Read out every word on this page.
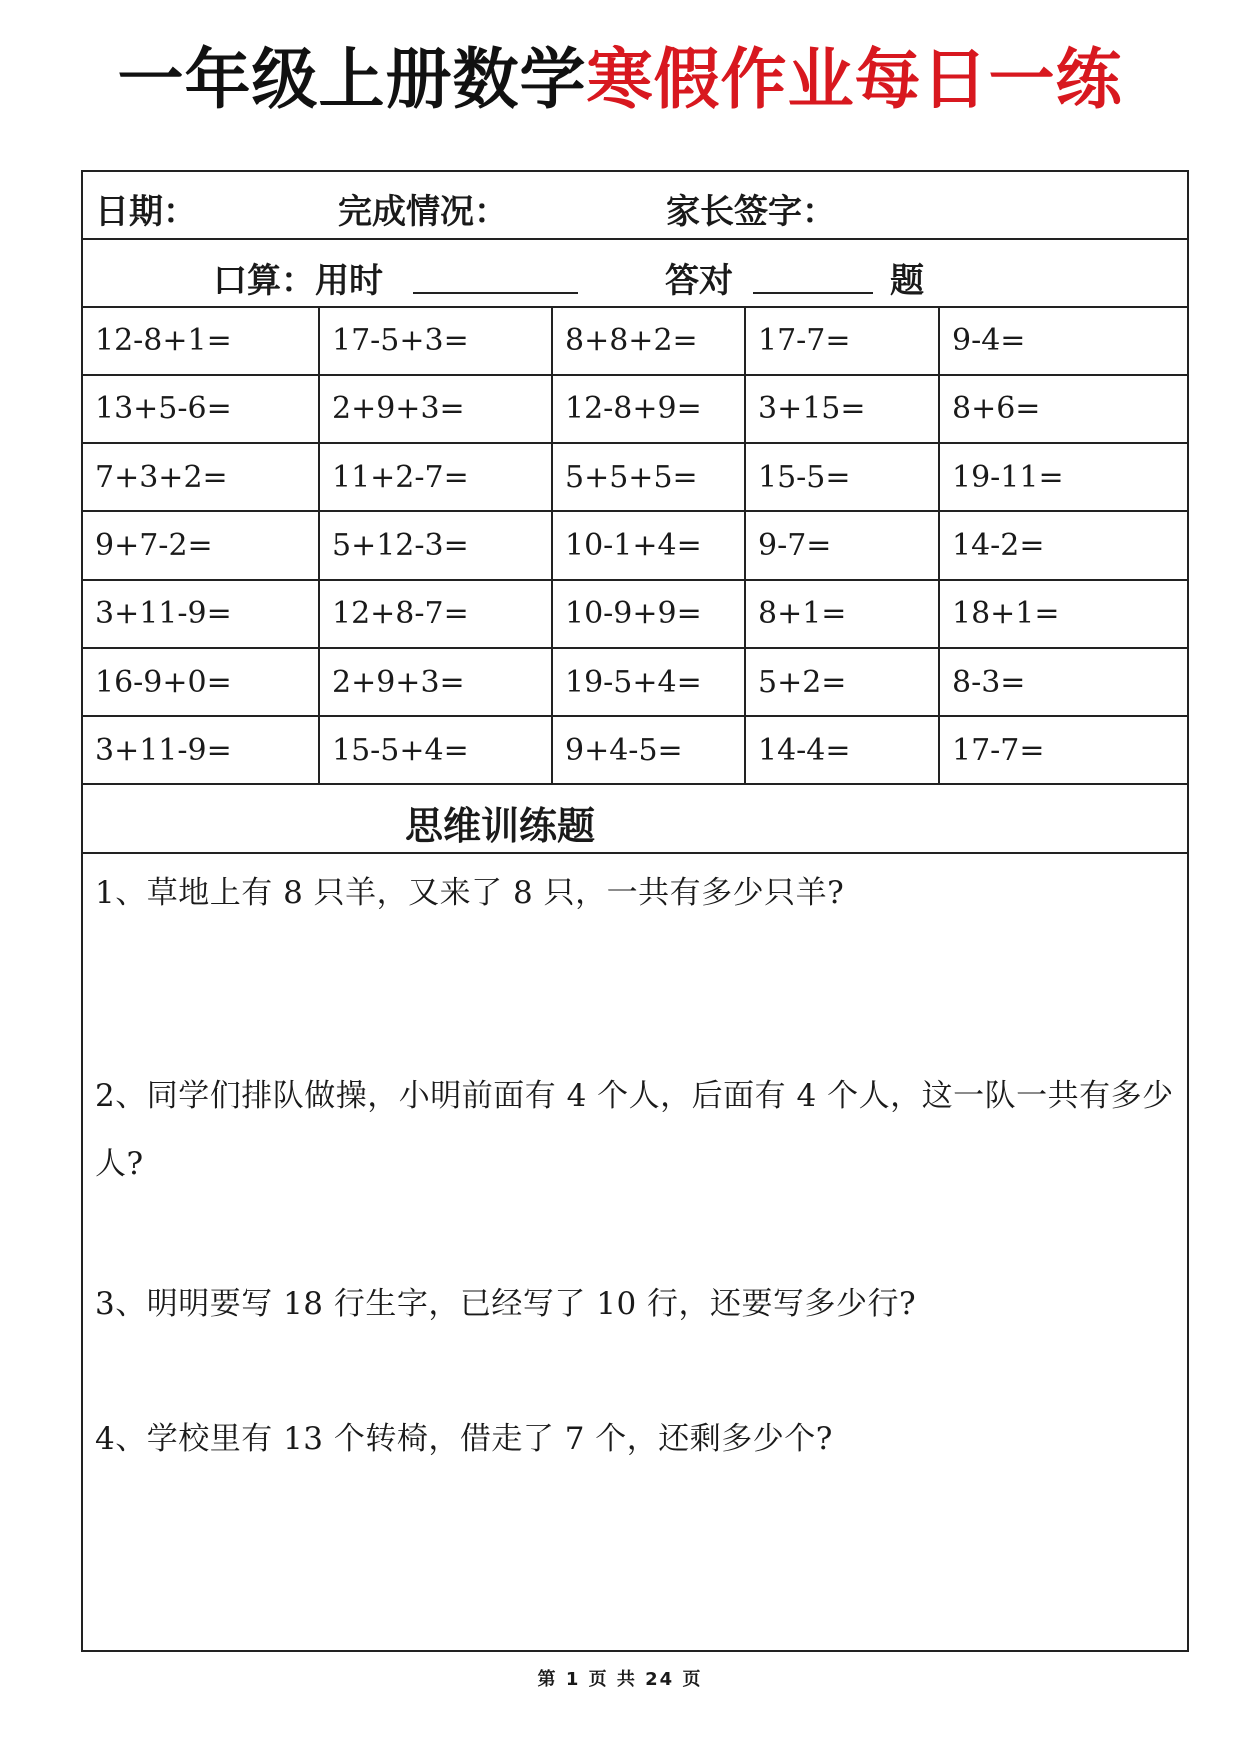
一年级上册数学寒假作业每日一练
日期：	完成情况：	家长签字：
口算：用时	答对	题
12-8+1=	17-5+3=	8+8+2=	17-7=	9-4=
13+5-6=	2+9+3=	12-8+9=	3+15=	8+6=
7+3+2=	11+2-7=	5+5+5=	15-5=	19-11=
9+7-2=	5+12-3=	10-1+4=	9-7=	14-2=
3+11-9=	12+8-7=	10-9+9=	8+1=	18+1=
16-9+0=	2+9+3=	19-5+4=	5+2=	8-3=
3+11-9=	15-5+4=	9+4-5=	14-4=	17-7=
思维训练题
1、草地上有 8 只羊，又来了 8 只，一共有多少只羊?
2、同学们排队做操，小明前面有 4 个人，后面有 4 个人，这一队一共有多少人?
3、明明要写 18 行生字，已经写了 10 行，还要写多少行?
4、学校里有 13 个转椅，借走了 7 个，还剩多少个?
第 1 页 共 24 页
